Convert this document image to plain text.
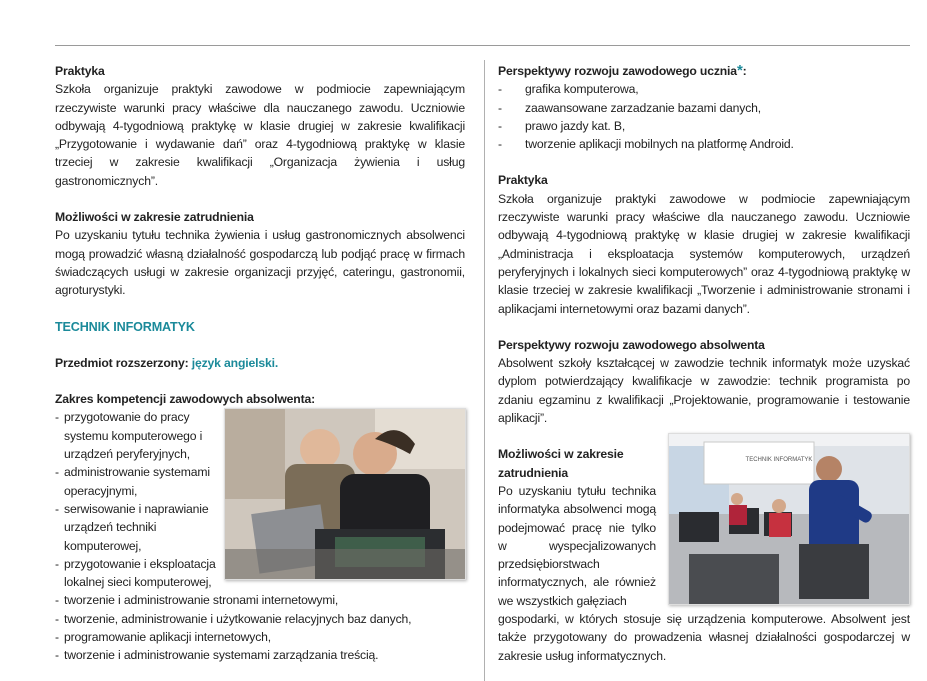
Praktyka

Szkoła organizuje praktyki zawodowe w podmiocie zapewniającym rzeczywiste warunki pracy właściwe dla nauczanego zawodu. Uczniowie odbywają 4-tygodniową praktykę w klasie drugiej w zakresie kwalifikacji „Przygotowanie i wydawanie dań” oraz 4-tygodniową praktykę w klasie trzeciej w zakresie kwalifikacji „Organizacja żywienia i usług gastronomicznych”.

Możliwości w zakresie zatrudnienia

Po uzyskaniu tytułu technika żywienia i usług gastronomicznych absolwenci mogą prowadzić własną działalność gospodarczą lub podjąć pracę w firmach świadczących usługi w zakresie organizacji przyjęć, cateringu, gastronomii, agroturystyki.

TECHNIK INFORMATYK
Przedmiot rozszerzony: język angielski.
Zakres kompetencji zawodowych absolwenta:
- przygotowanie do pracy systemu komputerowego i urządzeń peryferyjnych,
- administrowanie systemami operacyjnymi,
- serwisowanie i naprawianie urządzeń techniki komputerowej,
- przygotowanie i eksploatacja lokalnej sieci komputerowej,
- tworzenie i administrowanie stronami internetowymi,
- tworzenie, administrowanie i użytkowanie relacyjnych baz danych,
- programowanie aplikacji internetowych,
- tworzenie i administrowanie systemami zarządzania treścią.
Perspektywy rozwoju zawodowego ucznia*:
- grafika komputerowa,
- zaawansowane zarzadzanie bazami danych,
- prawo jazdy kat. B,
- tworzenie aplikacji mobilnych na platformę Android.
Praktyka

Szkoła organizuje praktyki zawodowe w podmiocie zapewniającym rzeczywiste warunki pracy właściwe dla nauczanego zawodu. Uczniowie odbywają 4-tygodniową praktykę w klasie drugiej w zakresie kwalifikacji „Administracja i eksploatacja systemów komputerowych, urządzeń peryferyjnych i lokalnych sieci komputerowych” oraz 4-tygodniową praktykę w klasie trzeciej w zakresie kwalifikacji „Tworzenie i administrowanie stronami i aplikacjami internetowymi oraz bazami danych”.

Perspektywy rozwoju zawodowego absolwenta

Absolwent szkoły kształcącej w zawodzie technik informatyk może uzyskać dyplom potwierdzający kwalifikacje w zawodzie: technik programista po zdaniu egzaminu z kwalifikacji „Projektowanie, programowanie i testowanie aplikacji”.

Możliwości w zakresie zatrudnienia

Po uzyskaniu tytułu technika informatyka absolwenci mogą podejmować pracę nie tylko w wyspecjalizowanych przedsiębiorstwach informatycznych, ale również we wszystkich gałęziach

gospodarki, w których stosuje się urządzenia komputerowe. Absolwent jest także przygotowany do prowadzenia własnej działalności gospodarczej w zakresie usług informatycznych.

TECHNIK INFORMATYK
